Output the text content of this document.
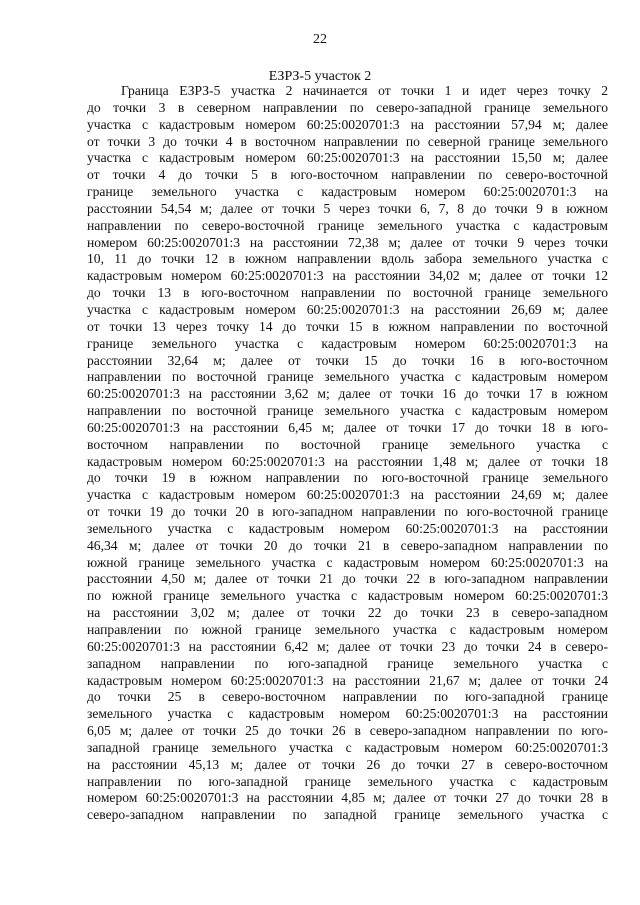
22
ЕЗРЗ-5 участок 2
Граница ЕЗРЗ-5 участка 2 начинается от точки 1 и идет через точку 2
до точки 3 в северном направлении по северо-западной границе земельного
участка с кадастровым номером 60:25:0020701:3 на расстоянии 57,94 м; далее
от точки 3 до точки 4 в восточном направлении по северной границе земельного
участка с кадастровым номером 60:25:0020701:3 на расстоянии 15,50 м; далее
от точки 4 до точки 5 в юго-восточном направлении по северо-восточной
границе земельного участка с кадастровым номером 60:25:0020701:3 на
расстоянии 54,54 м; далее от точки 5 через точки 6, 7, 8 до точки 9 в южном
направлении по северо-восточной границе земельного участка с кадастровым
номером 60:25:0020701:3 на расстоянии 72,38 м; далее от точки 9 через точки
10, 11 до точки 12 в южном направлении вдоль забора земельного участка с
кадастровым номером 60:25:0020701:3 на расстоянии 34,02 м; далее от точки 12
до точки 13 в юго-восточном направлении по восточной границе земельного
участка с кадастровым номером 60:25:0020701:3 на расстоянии 26,69 м; далее
от точки 13 через точку 14 до точки 15 в южном направлении по восточной
границе земельного участка с кадастровым номером 60:25:0020701:3 на
расстоянии 32,64 м; далее от точки 15 до точки 16 в юго-восточном
направлении по восточной границе земельного участка с кадастровым номером
60:25:0020701:3 на расстоянии 3,62 м; далее от точки 16 до точки 17 в южном
направлении по восточной границе земельного участка с кадастровым номером
60:25:0020701:3 на расстоянии 6,45 м; далее от точки 17 до точки 18 в юго-
восточном направлении по восточной границе земельного участка с
кадастровым номером 60:25:0020701:3 на расстоянии 1,48 м; далее от точки 18
до точки 19 в южном направлении по юго-восточной границе земельного
участка с кадастровым номером 60:25:0020701:3 на расстоянии 24,69 м; далее
от точки 19 до точки 20 в юго-западном направлении по юго-восточной границе
земельного участка с кадастровым номером 60:25:0020701:3 на расстоянии
46,34 м; далее от точки 20 до точки 21 в северо-западном направлении по
южной границе земельного участка с кадастровым номером 60:25:0020701:3 на
расстоянии 4,50 м; далее от точки 21 до точки 22 в юго-западном направлении
по южной границе земельного участка с кадастровым номером 60:25:0020701:3
на расстоянии 3,02 м; далее от точки 22 до точки 23 в северо-западном
направлении по южной границе земельного участка с кадастровым номером
60:25:0020701:3 на расстоянии 6,42 м; далее от точки 23 до точки 24 в северо-
западном направлении по юго-западной границе земельного участка с
кадастровым номером 60:25:0020701:3 на расстоянии 21,67 м; далее от точки 24
до точки 25 в северо-восточном направлении по юго-западной границе
земельного участка с кадастровым номером 60:25:0020701:3 на расстоянии
6,05 м; далее от точки 25 до точки 26 в северо-западном направлении по юго-
западной границе земельного участка с кадастровым номером 60:25:0020701:3
на расстоянии 45,13 м; далее от точки 26 до точки 27 в северо-восточном
направлении по юго-западной границе земельного участка с кадастровым
номером 60:25:0020701:3 на расстоянии 4,85 м; далее от точки 27 до точки 28 в
северо-западном направлении по западной границе земельного участка с
